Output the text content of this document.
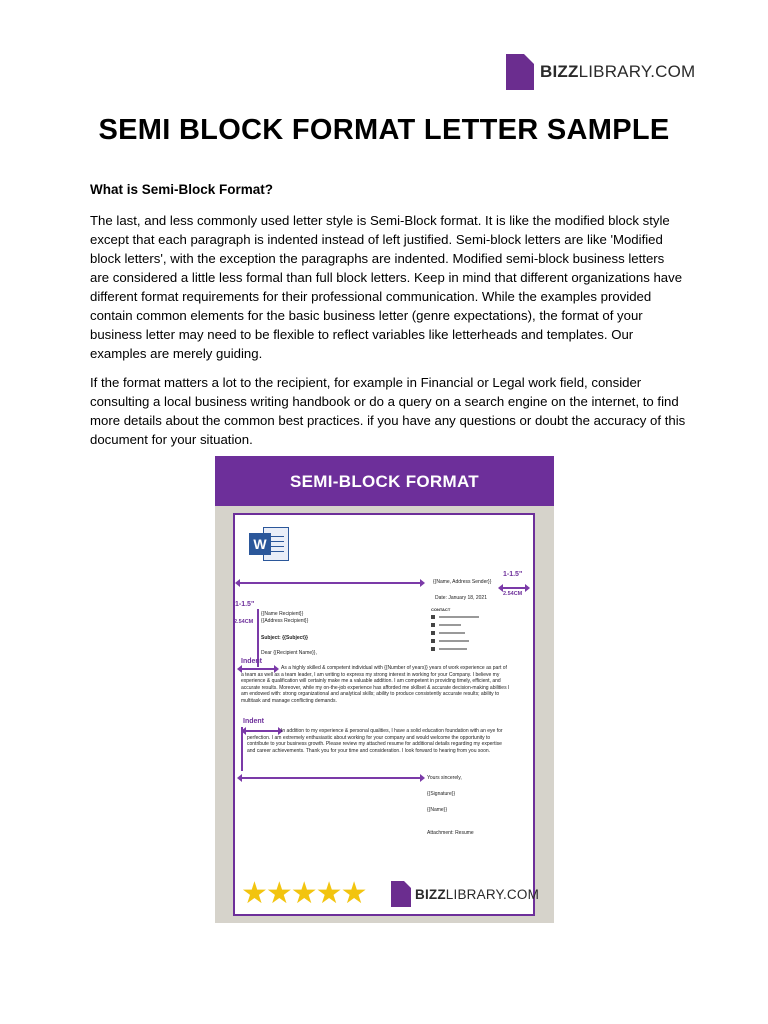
BIZZLIBRARY.COM
SEMI BLOCK FORMAT LETTER SAMPLE
What is Semi-Block Format?

The last, and less commonly used letter style is Semi-Block format. It is like the modified block style except that each paragraph is indented instead of left justified. Semi-block letters are like 'Modified block letters', with the exception the paragraphs are indented. Modified semi-block business letters are considered a little less formal than full block letters. Keep in mind that different organizations have different format requirements for their professional communication. While the examples provided contain common elements for the basic business letter (genre expectations), the format of your business letter may need to be flexible to reflect variables like letterheads and templates. Our examples are merely guiding.

If the format matters a lot to the recipient, for example in Financial or Legal work field, consider consulting a local business writing handbook or do a query on a search engine on the internet, to find more details about the common best practices. if you have any questions or doubt the accuracy of this document for your situation.

SEMI-BLOCK FORMAT
W
1-1.5"
2.54CM
{{Name, Address Sender}}
Date: January 18, 2021
1-1.5"
2.54CM
{{Name Recipient}}
{{Address Recipient}}
CONTACT
Subject: {{Subject}}
Dear {{Recipient Name}},
Indent
As a highly skilled & competent individual with {{Number of years}} years of work experience as part of a team as well as a team leader, I am writing to express my strong interest in working for your Company. I believe my experience & qualification will certainly make me a valuable addition. I am competent in providing timely, efficient, and accurate results. Moreover, while my on-the-job experience has afforded me skillset & accurate decision-making abilities I am endowed with: strong organizational and analytical skills; ability to produce consistently accurate results; ability to multitask and manage conflicting demands.
Indent
In addition to my experience & personal qualities, I have a solid education foundation with an eye for perfection. I am extremely enthusiastic about working for your company and would welcome the opportunity to contribute to your business growth. Please review my attached resume for additional details regarding my expertise and career achievements. Thank you for your time and consideration. I look forward to hearing from you soon.
Yours sincerely,
{{Signature}}
{{Name}}
Attachment: Resume
★★★★★	BIZZLIBRARY.COM
